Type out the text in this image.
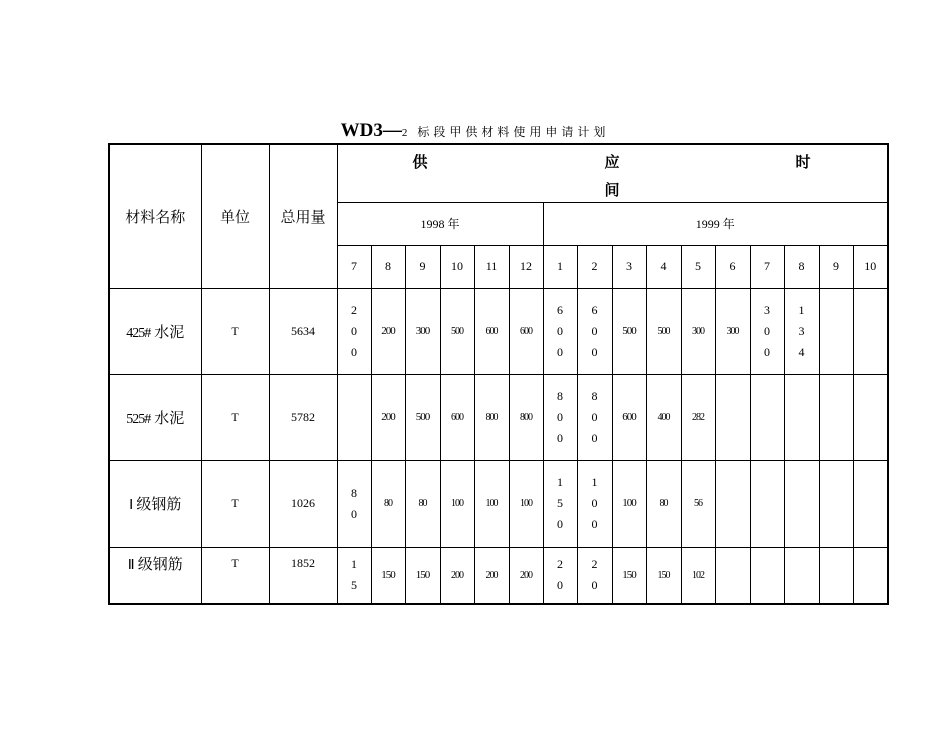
WD3—2 标段甲供材料使用申请计划
材料名称	单位	总用量	供 应 时
间															

			1998 年						1999 年									
			7	8	9	10	11	12	1	2	3	4	5	6	7	8	9	10
425# 水泥	T	5634	200	200	300	500	600	600	600	600	500	500	300	300	300	134		

525# 水泥	T	5782		200	500	600	800	800	800	800	600	400	282					
Ⅰ 级钢筋	T	1026	80	80	80	100	100	100	150	100	100	80	56					
Ⅱ 级钢筋	T	1852	15	150	150	200	200	200	20	20	150	150	102					
